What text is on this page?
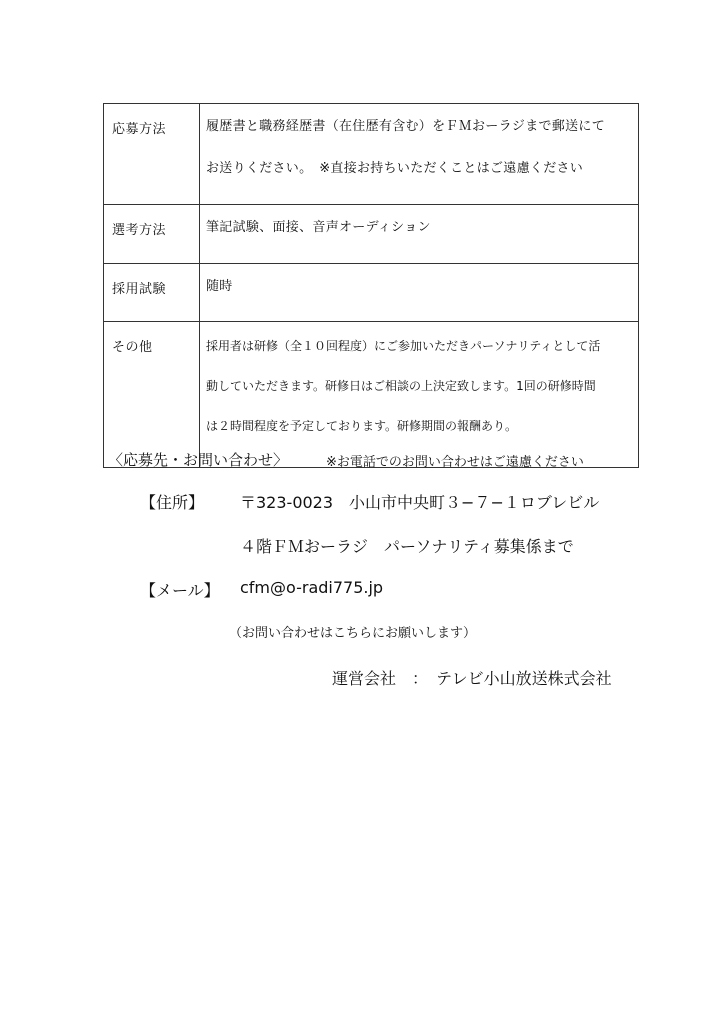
応募方法	履歴書と職務経歴書（在住歴有含む）をＦＭおーラジまで郵送にて
お送りください。　※直接お持ちいただくことはご遠慮ください

選考方法	筆記試験、面接、音声オーディション

採用試験	随時

その他	採用者は研修（全１０回程度）にご参加いただきパーソナリティとして活
動していただきます。研修日はご相談の上決定致します。1回の研修時間
は２時間程度を予定しております。研修期間の報酬あり。
〈応募先・お問い合わせ〉	※お電話でのお問い合わせはご遠慮ください
【住所】 〒323-0023　小山市中央町３−７−１ロブレビル
４階ＦＭおーラジ　パーソナリティ募集係まで
【メール】 cfm@o-radi775.jp
（お問い合わせはこちらにお願いします）
運営会社　：　テレビ小山放送株式会社
